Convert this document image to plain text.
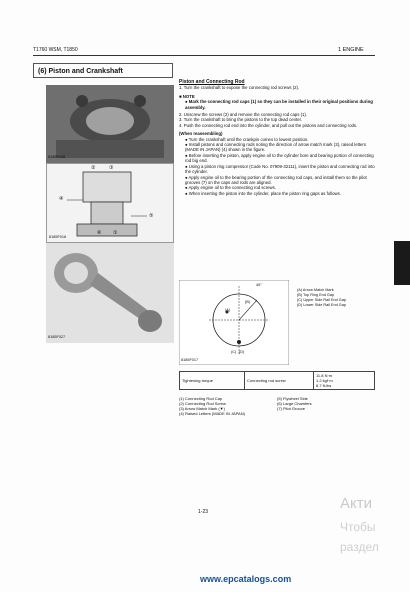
T1760 WSM, T1850	1 ENGINE
(6) Piston and Crankshaft
8185F028
②	③
④
⑤
⑥ ①
8185F016
8185F027

Piston and Connecting Rod

1. Turn the crankshaft to expose the connecting rod screws (2).

■ NOTE

● Mark the connecting rod caps (1) so they can be installed in their original positions during assembly.

2. Unscrew the screws (2) and remove the connecting rod caps (1).

3. Turn the crankshaft to bring the pistons to the top dead center.

4. Push the connecting rod end into the cylinder, and pull out the pistons and connecting rods.

(When reassembling)

● Turn the crankshaft until the crankpin comes to lowest position.

● Install pistons and connecting rods noting the direction of arrow match mark (3), raised letters (MADE IN JAPAN) (4) shown in the figure.

● Before inserting the piston, apply engine oil to the cylinder bore and bearing portion of connecting rod big end.

● Using a piston ring compressor (Code No. 07909-32111), insert the piston and connecting rod into the cylinder.

● Apply engine oil to the bearing portion of the connecting rod caps, and install them so the pilot grooves (7) on the caps and rods are aligned.

● Apply engine oil to the connecting rod screws.

● When inserting the piston into the cylinder, place the piston ring gaps as follows.

45°
(A)
(B)
(C) (D)
8185F017
(A) Arrow Match Mark
(B) Top Ring End Gap
(C) Upper Side Rail End Gap
(D) Lower Side Rail End Gap
Tightening torque	Connecting rod screw	
11.8 N·m
1.2 kgf·m
8.7 ft-lbs
(1) Connecting Rod Cap
(2) Connecting Rod Screw
(3) Arrow Match Mark (▼)
(4) Raised Letters (MADE IN JAPAN)
(5) Flywheel Side
(6) Large Chamfers
(7) Pilot Groove
1-23	Акти
Чтобы
раздел
www.epcatalogs.com
